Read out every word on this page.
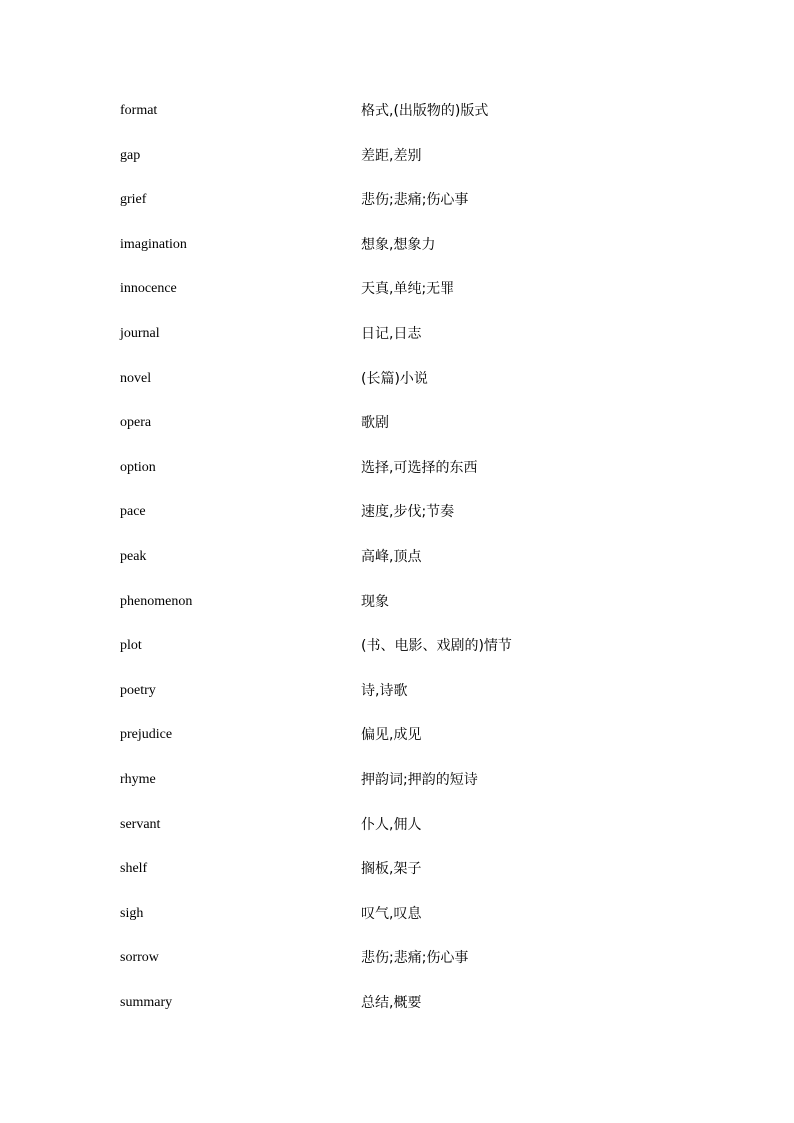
format	格式,(出版物的)版式
gap	差距,差别
grief	悲伤;悲痛;伤心事
imagination	想象,想象力
innocence	天真,单纯;无罪
journal	日记,日志
novel	(长篇)小说
opera	歌剧
option	选择,可选择的东西
pace	速度,步伐;节奏
peak	高峰,顶点
phenomenon	现象
plot	(书、电影、戏剧的)情节
poetry	诗,诗歌
prejudice	偏见,成见
rhyme	押韵词;押韵的短诗
servant	仆人,佣人
shelf	搁板,架子
sigh	叹气,叹息
sorrow	悲伤;悲痛;伤心事
summary	总结,概要
